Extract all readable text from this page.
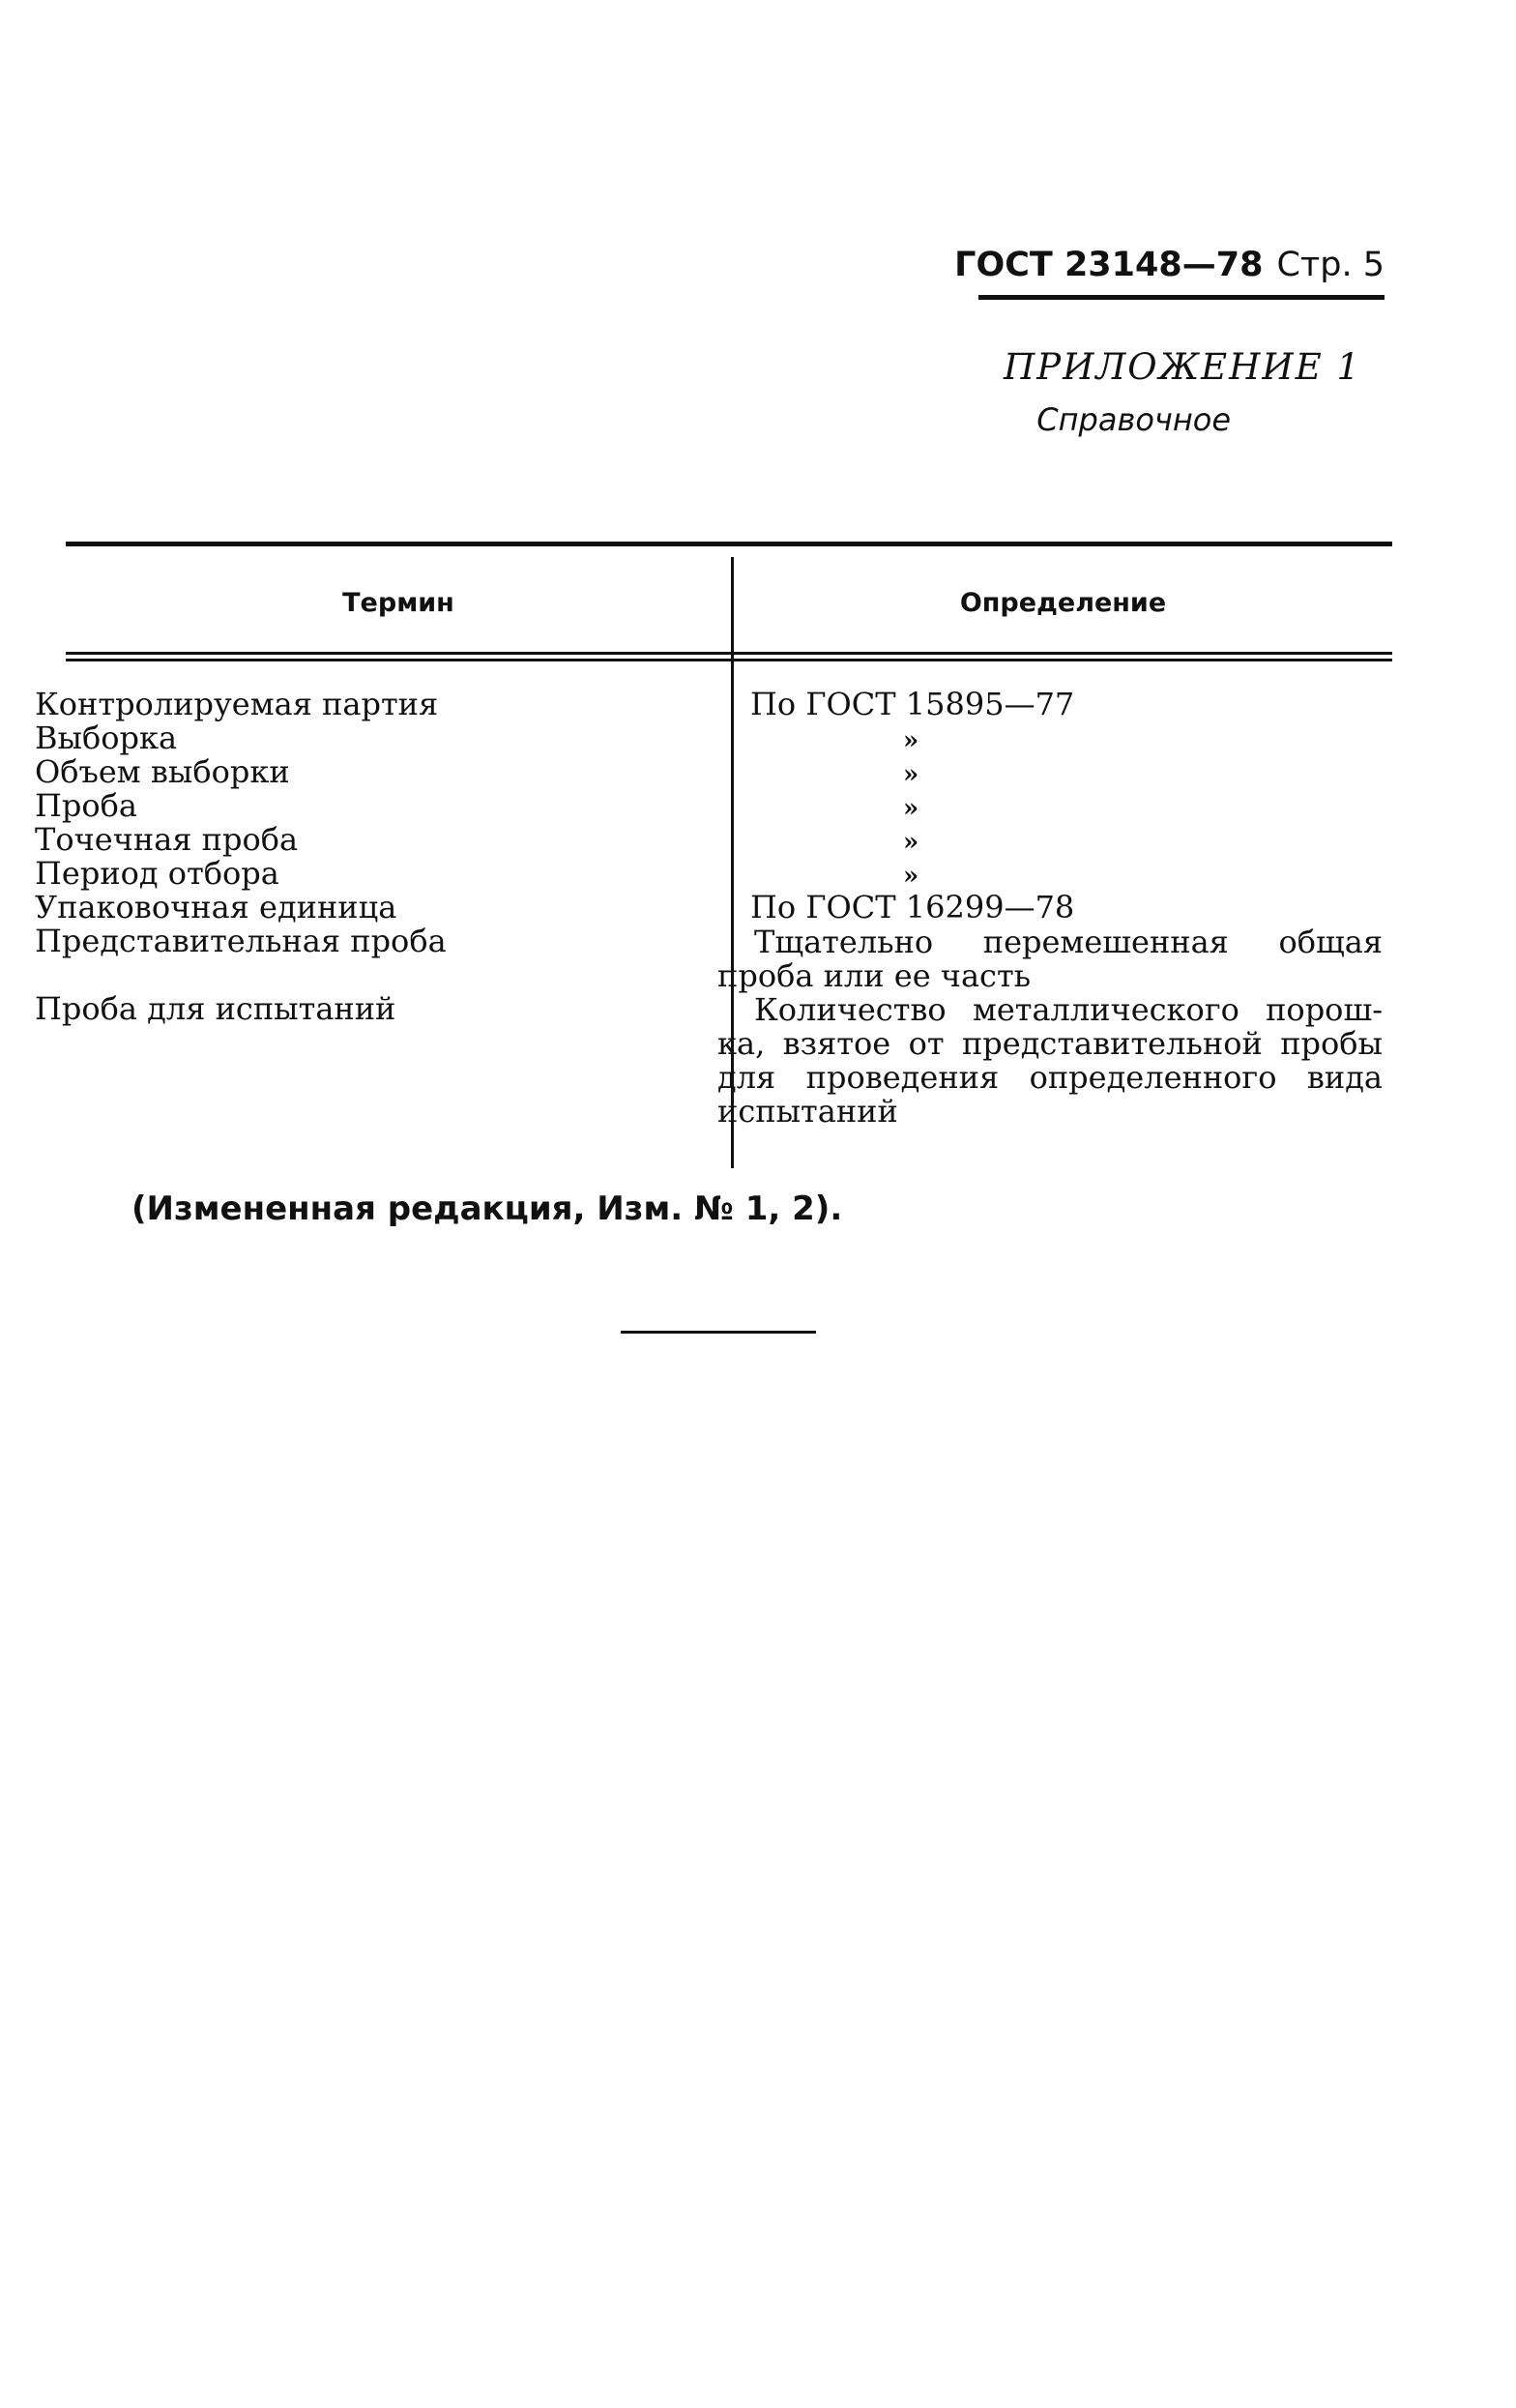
ГОСТ 23148—78 Стр. 5
ПРИЛОЖЕНИЕ 1
Справочное
Термин	Определение
Контролируемая партия
Выборка
Объем выборки
Проба
Точечная проба
Период отбора
Упаковочная единица
Представительная проба
Проба для испытаний
По ГОСТ 15895—77
»
»
»
»
»
По ГОСТ 16299—78
Тщательно перемешенная общая
проба или ее часть
Количество металлического порош-
ка, взятое от представительной пробы
для проведения определенного вида
испытаний
(Измененная редакция, Изм. № 1, 2).
